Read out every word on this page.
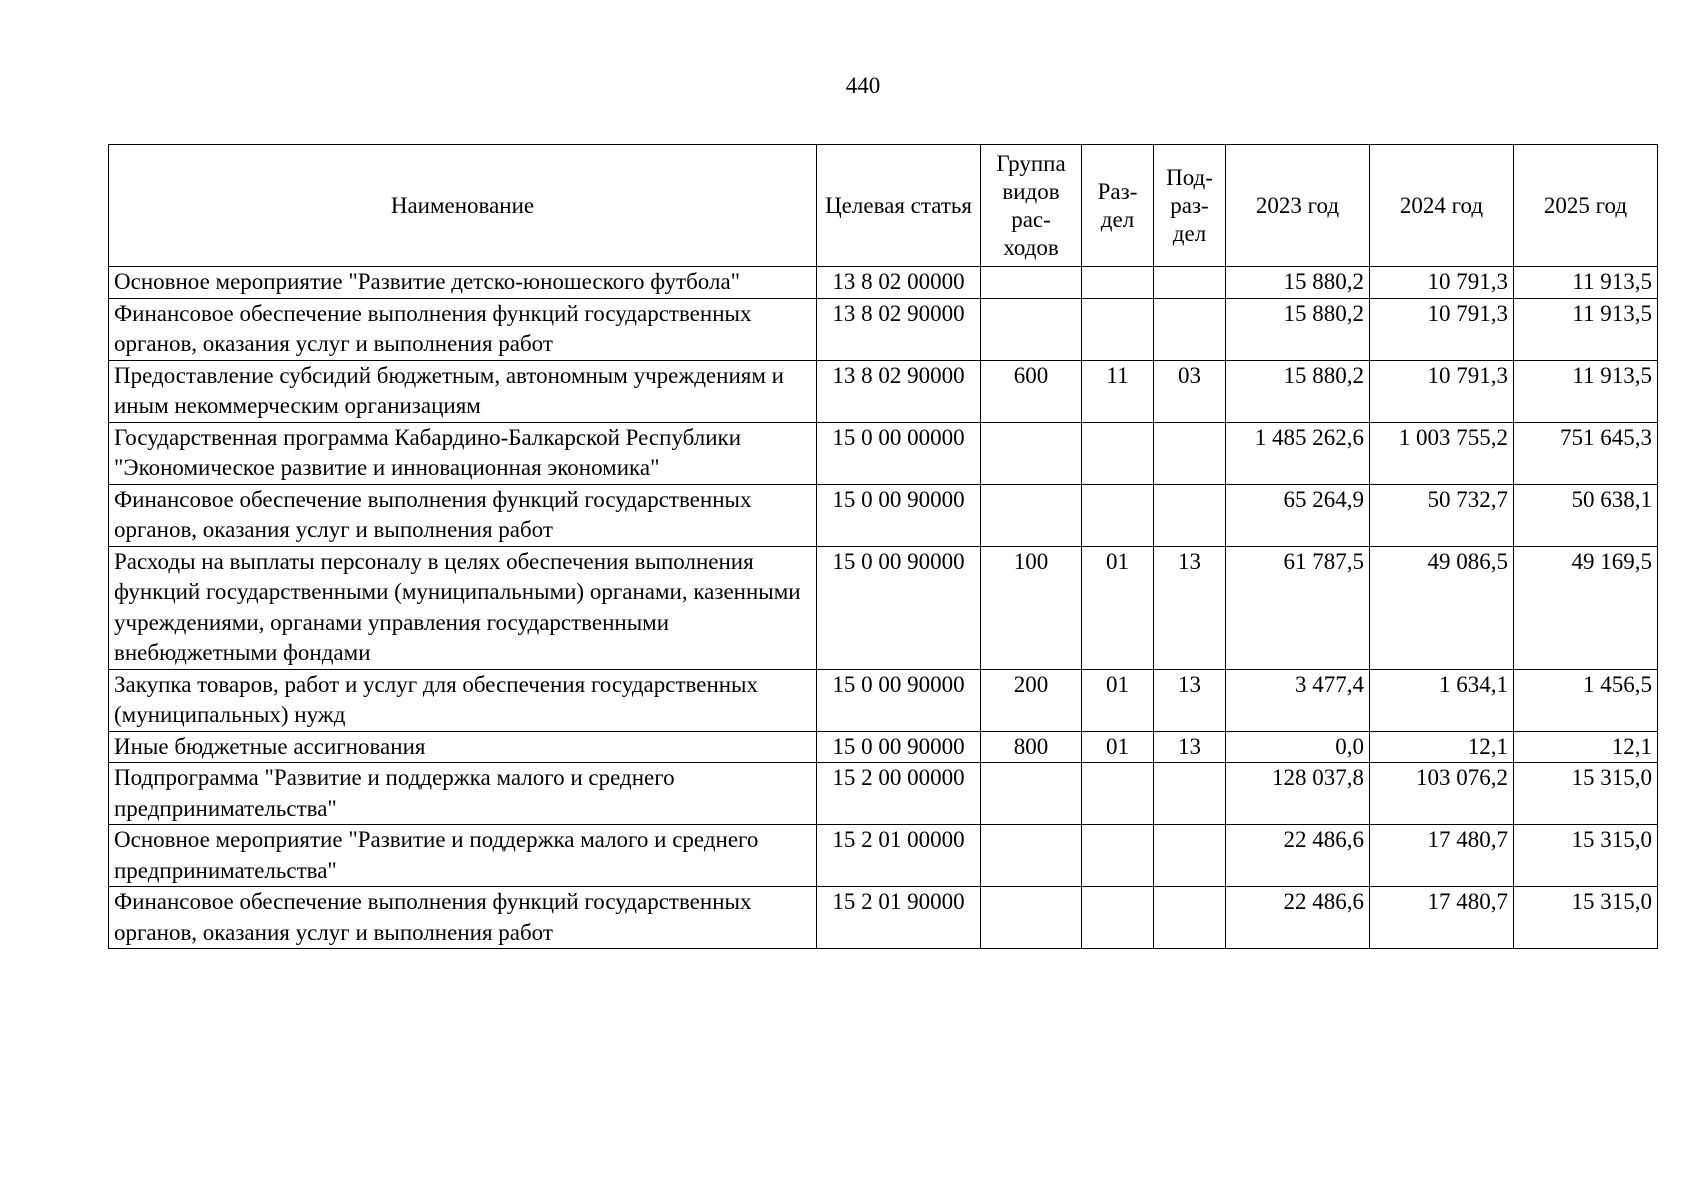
440
Наименование	Целевая статья	Группа видов рас-ходов	Раз-дел	Под-раз-дел	2023 год	2024 год	2025 год
Основное мероприятие "Развитие детско-юношеского футбола"	13 8 02 00000				15 880,2	10 791,3	11 913,5
Финансовое обеспечение выполнения функций государственных органов, оказания услуг и выполнения работ	13 8 02 90000				15 880,2	10 791,3	11 913,5
Предоставление субсидий бюджетным, автономным учреждениям и иным некоммерческим организациям	13 8 02 90000	600	11	03	15 880,2	10 791,3	11 913,5
Государственная программа Кабардино-Балкарской Республики "Экономическое развитие и инновационная экономика"	15 0 00 00000				1 485 262,6	1 003 755,2	751 645,3
Финансовое обеспечение выполнения функций государственных органов, оказания услуг и выполнения работ	15 0 00 90000				65 264,9	50 732,7	50 638,1
Расходы на выплаты персоналу в целях обеспечения выполнения функций государственными (муниципальными) органами, казенными учреждениями, органами управления государственными внебюджетными фондами	15 0 00 90000	100	01	13	61 787,5	49 086,5	49 169,5
Закупка товаров, работ и услуг для обеспечения государственных (муниципальных) нужд	15 0 00 90000	200	01	13	3 477,4	1 634,1	1 456,5
Иные бюджетные ассигнования	15 0 00 90000	800	01	13	0,0	12,1	12,1
Подпрограмма "Развитие и поддержка малого и среднего предпринимательства"	15 2 00 00000				128 037,8	103 076,2	15 315,0
Основное мероприятие "Развитие и поддержка малого и среднего предпринимательства"	15 2 01 00000				22 486,6	17 480,7	15 315,0
Финансовое обеспечение выполнения функций государственных органов, оказания услуг и выполнения работ	15 2 01 90000				22 486,6	17 480,7	15 315,0
